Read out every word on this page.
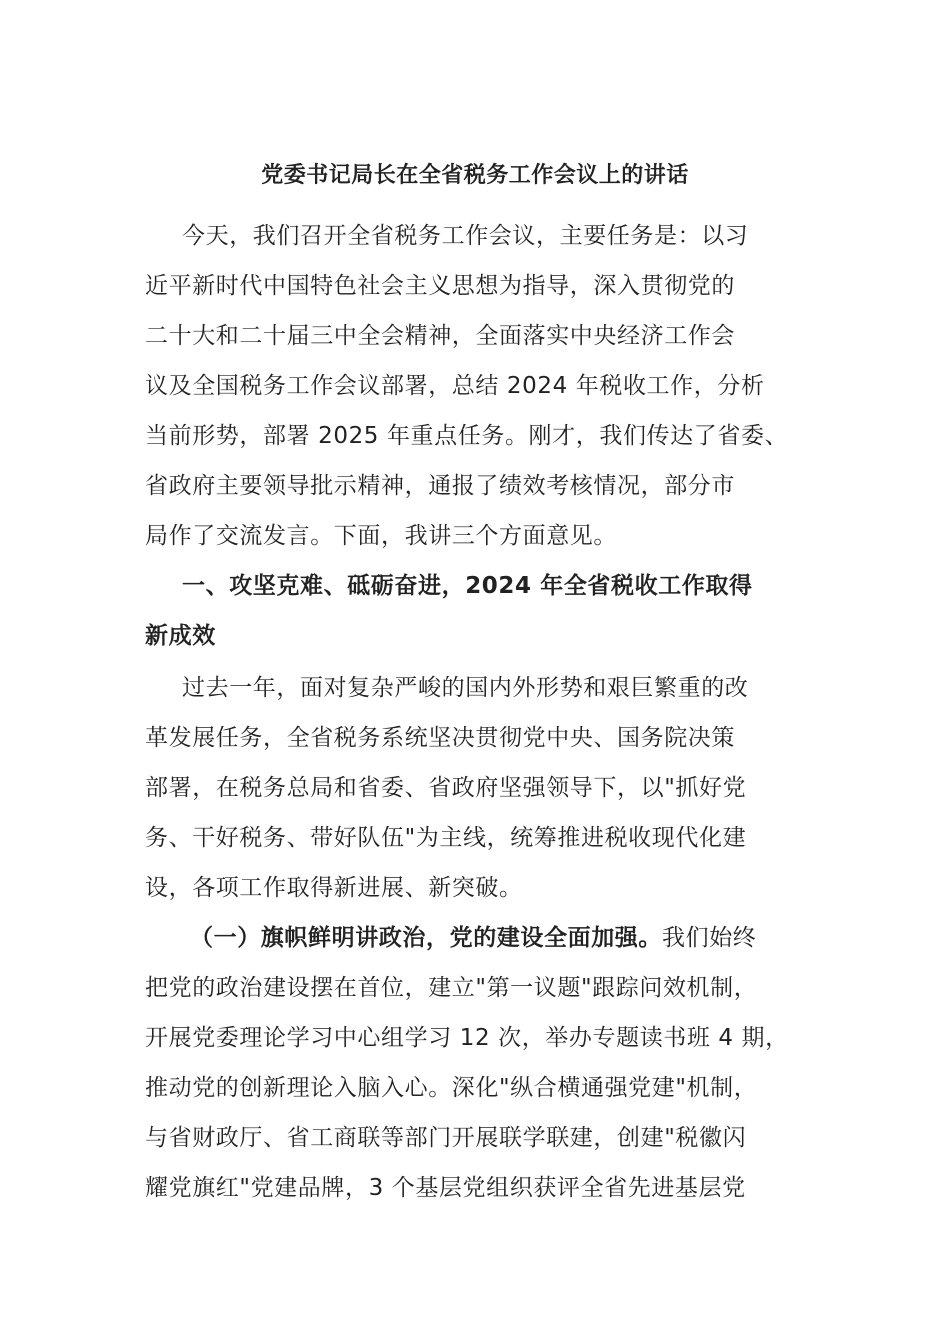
党委书记局长在全省税务工作会议上的讲话
今天，我们召开全省税务工作会议，主要任务是：以习
近平新时代中国特色社会主义思想为指导，深入贯彻党的
二十大和二十届三中全会精神，全面落实中央经济工作会
议及全国税务工作会议部署，总结 2024 年税收工作，分析
当前形势，部署 2025 年重点任务。刚才，我们传达了省委、
省政府主要领导批示精神，通报了绩效考核情况，部分市
局作了交流发言。下面，我讲三个方面意见。
一、攻坚克难、砥砺奋进，2024 年全省税收工作取得
新成效
过去一年，面对复杂严峻的国内外形势和艰巨繁重的改
革发展任务，全省税务系统坚决贯彻党中央、国务院决策
部署，在税务总局和省委、省政府坚强领导下，以"抓好党
务、干好税务、带好队伍"为主线，统筹推进税收现代化建
设，各项工作取得新进展、新突破。
（一）旗帜鲜明讲政治，党的建设全面加强。我们始终
把党的政治建设摆在首位，建立"第一议题"跟踪问效机制，
开展党委理论学习中心组学习 12 次，举办专题读书班 4 期，
推动党的创新理论入脑入心。深化"纵合横通强党建"机制，
与省财政厅、省工商联等部门开展联学联建，创建"税徽闪
耀党旗红"党建品牌，3 个基层党组织获评全省先进基层党
